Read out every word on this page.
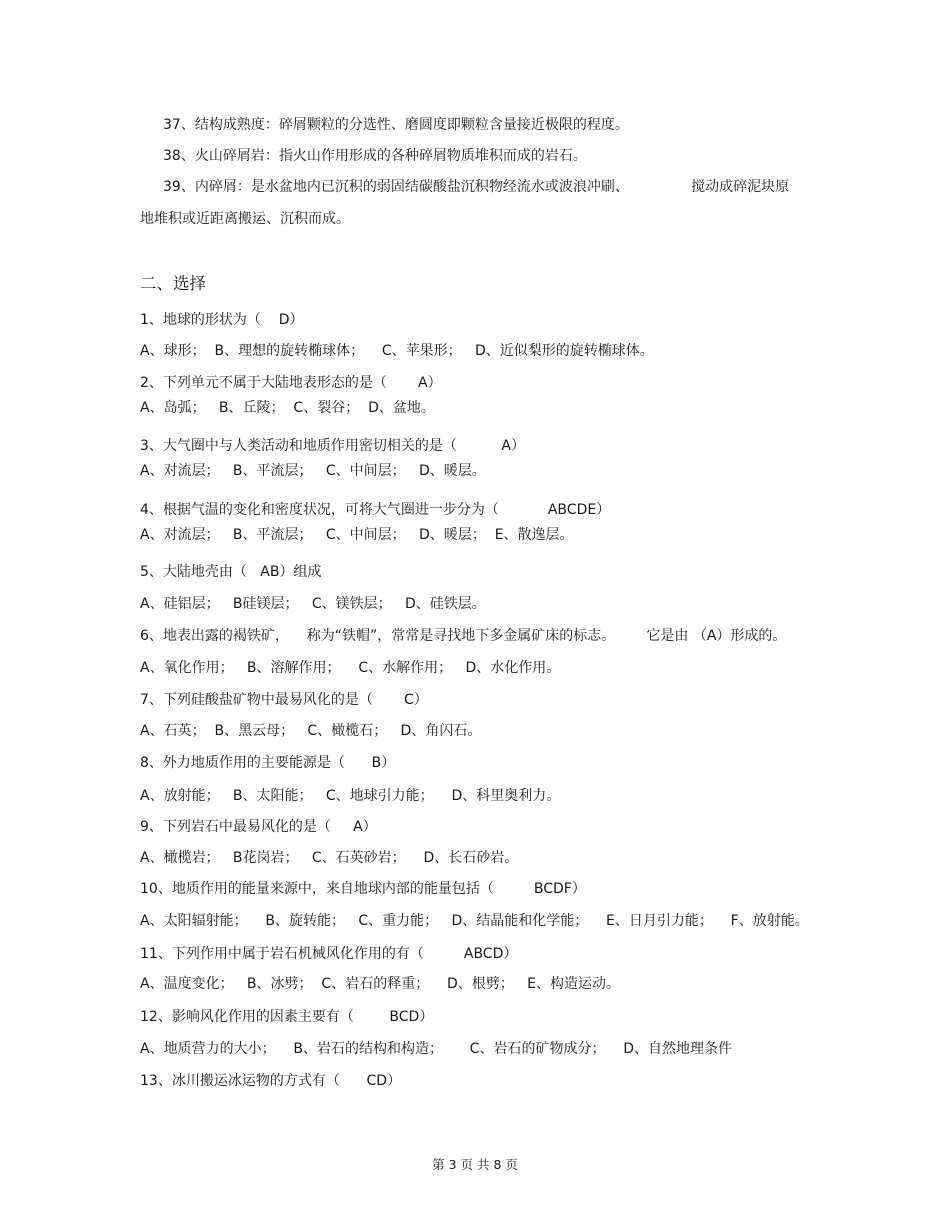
37、结构成熟度：碎屑颗粒的分选性、磨圆度即颗粒含量接近极限的程度。
38、火山碎屑岩：指火山作用形成的各种碎屑物质堆积而成的岩石。
39、内碎屑：是水盆地内已沉积的弱固结碳酸盐沉积物经流水或波浪冲刷、              搅动成碎泥块原
地堆积或近距离搬运、沉积而成。
二、选择
1、地球的形状为（    D）
A、球形；  B、理想的旋转椭球体；    C、苹果形；   D、近似梨形的旋转椭球体。
2、下列单元不属于大陆地表形态的是（       A）
A、岛弧；   B、丘陵；  C、裂谷；  D、盆地。
3、大气圈中与人类活动和地质作用密切相关的是（          A）
A、对流层；   B、平流层；   C、中间层；   D、暖层。
4、根据气温的变化和密度状况，可将大气圈进一步分为（           ABCDE）
A、对流层；   B、平流层；   C、中间层；   D、暖层；  E、散逸层。
5、大陆地壳由（   AB）组成
A、硅铝层；   B硅镁层；   C、镁铁层；   D、硅铁层。
6、地表出露的褐铁矿，    称为“铁帽”，常常是寻找地下多金属矿床的标志。       它是由 （A）形成的。
A、氧化作用；   B、溶解作用；    C、水解作用；   D、水化作用。
7、下列硅酸盐矿物中最易风化的是（       C）
A、石英；  B、黑云母；   C、橄榄石；   D、角闪石。
8、外力地质作用的主要能源是（      B）
A、放射能；   B、太阳能；   C、地球引力能；    D、科里奥利力。
9、下列岩石中最易风化的是（     A）
A、橄榄岩；   B花岗岩；   C、石英砂岩；    D、长石砂岩。
10、地质作用的能量来源中，来自地球内部的能量包括（         BCDF）
A、太阳辐射能；    B、旋转能；   C、重力能；   D、结晶能和化学能；    E、日月引力能；    F、放射能。
11、下列作用中属于岩石机械风化作用的有（         ABCD）
A、温度变化；   B、冰劈；  C、岩石的释重；    D、根劈；   E、构造运动。
12、影响风化作用的因素主要有（        BCD）
A、地质营力的大小；    B、岩石的结构和构造；      C、岩石的矿物成分；    D、自然地理条件
13、冰川搬运冰运物的方式有（      CD）
第 3 页 共 8 页
